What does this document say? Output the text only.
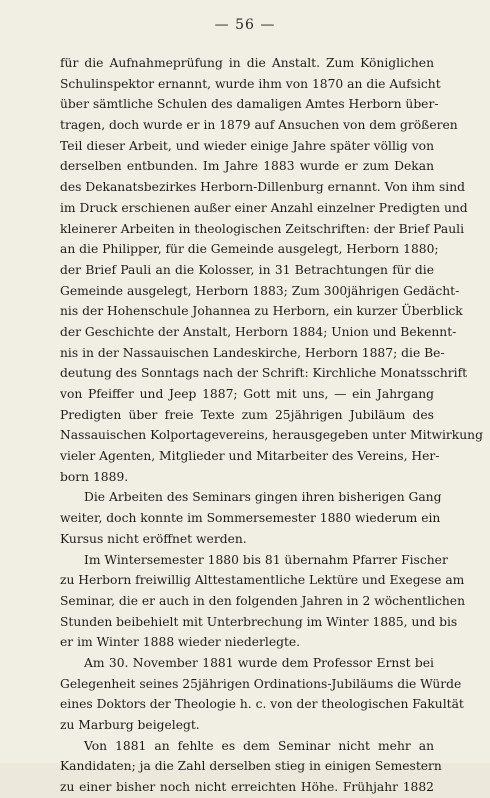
— 56 —
für die Aufnahmeprüfung in die Anstalt. Zum Königlichen
Schulinspektor ernannt, wurde ihm von 1870 an die Aufsicht
über sämtliche Schulen des damaligen Amtes Herborn über-
tragen, doch wurde er in 1879 auf Ansuchen von dem größeren
Teil dieser Arbeit, und wieder einige Jahre später völlig von
derselben entbunden. Im Jahre 1883 wurde er zum Dekan
des Dekanatsbezirkes Herborn-Dillenburg ernannt. Von ihm sind
im Druck erschienen außer einer Anzahl einzelner Predigten und
kleinerer Arbeiten in theologischen Zeitschriften: der Brief Pauli
an die Philipper, für die Gemeinde ausgelegt, Herborn 1880;
der Brief Pauli an die Kolosser, in 31 Betrachtungen für die
Gemeinde ausgelegt, Herborn 1883; Zum 300jährigen Gedächt-
nis der Hohenschule Johannea zu Herborn, ein kurzer Überblick
der Geschichte der Anstalt, Herborn 1884; Union und Bekennt-
nis in der Nassauischen Landeskirche, Herborn 1887; die Be-
deutung des Sonntags nach der Schrift: Kirchliche Monatsschrift
von Pfeiffer und Jeep 1887; Gott mit uns, — ein Jahrgang
Predigten über freie Texte zum 25jährigen Jubiläum des
Nassauischen Kolportagevereins, herausgegeben unter Mitwirkung
vieler Agenten, Mitglieder und Mitarbeiter des Vereins, Her-
born 1889.
Die Arbeiten des Seminars gingen ihren bisherigen Gang
weiter, doch konnte im Sommersemester 1880 wiederum ein
Kursus nicht eröffnet werden.
Im Wintersemester 1880 bis 81 übernahm Pfarrer Fischer
zu Herborn freiwillig Alttestamentliche Lektüre und Exegese am
Seminar, die er auch in den folgenden Jahren in 2 wöchentlichen
Stunden beibehielt mit Unterbrechung im Winter 1885, und bis
er im Winter 1888 wieder niederlegte.
Am 30. November 1881 wurde dem Professor Ernst bei
Gelegenheit seines 25jährigen Ordinations-Jubiläums die Würde
eines Doktors der Theologie h. c. von der theologischen Fakultät
zu Marburg beigelegt.
Von 1881 an fehlte es dem Seminar nicht mehr an
Kandidaten; ja die Zahl derselben stieg in einigen Semestern
zu einer bisher noch nicht erreichten Höhe. Frühjahr 1882
